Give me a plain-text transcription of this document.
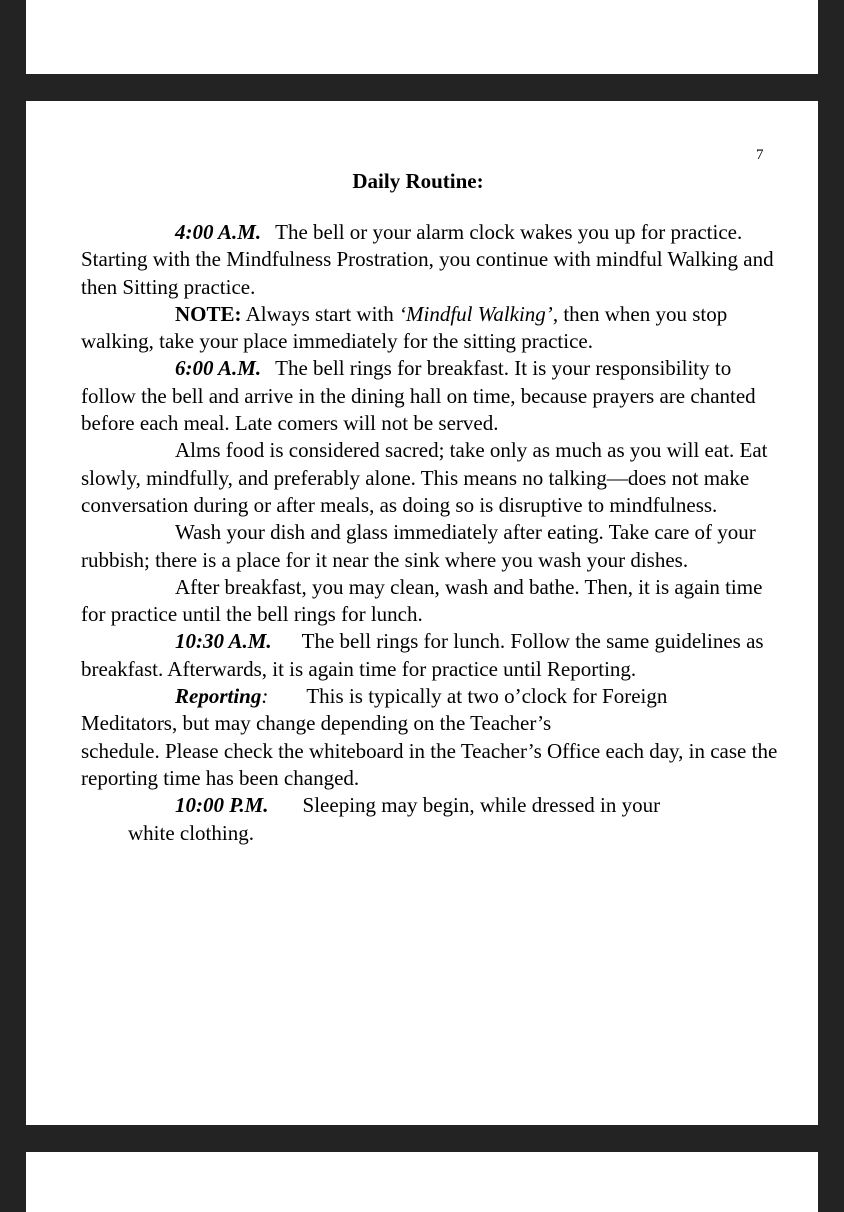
7
Daily Routine:

4:00 A.M. The bell or your alarm clock wakes you up for practice. Starting with the Mindfulness Prostration, you continue with mindful Walking and then Sitting practice.

NOTE: Always start with ‘Mindful Walking’, then when you stop walking, take your place immediately for the sitting practice.

6:00 A.M. The bell rings for breakfast. It is your responsibility to follow the bell and arrive in the dining hall on time, because prayers are chanted before each meal. Late comers will not be served.

Alms food is considered sacred; take only as much as you will eat. Eat slowly, mindfully, and preferably alone. This means no talking—does not make conversation during or after meals, as doing so is disruptive to mindfulness.

Wash your dish and glass immediately after eating. Take care of your rubbish; there is a place for it near the sink where you wash your dishes.

After breakfast, you may clean, wash and bathe. Then, it is again time for practice until the bell rings for lunch.

10:30 A.M. The bell rings for lunch. Follow the same guidelines as breakfast. Afterwards, it is again time for practice until Reporting.

Reporting: This is typically at two o’clock for Foreign
Meditators, but may change depending on the Teacher’s
schedule. Please check the whiteboard in the Teacher’s Office each day, in case the reporting time has been changed.

10:00 P.M. Sleeping may begin, while dressed in your
white clothing.
